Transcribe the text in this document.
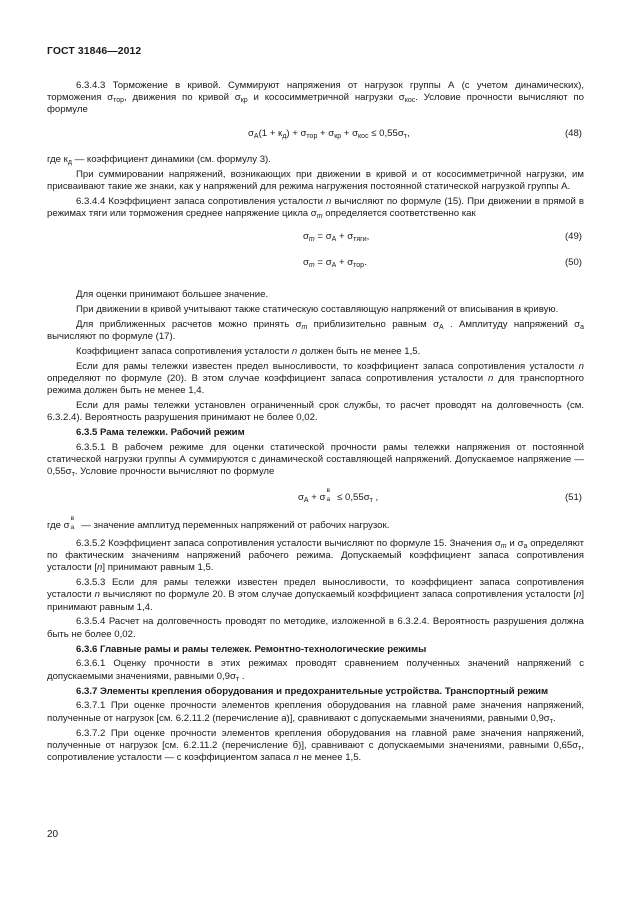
ГОСТ 31846—2012

6.3.4.3 Торможение в кривой. Суммируют напряжения от нагрузок группы А (с учетом динамических), торможения $\sigma_{тор}$, движения по кривой $\sigma_{кр}$ и кососимметричной нагрузки $\sigma_{кос}$. Условие прочности вычисляют по формуле

$\sigma_А(1 + к_д) + \sigma_{тор} + \sigma_{кр} + \sigma_{кос} \le 0,55\sigma_т$,	(48)

где $к_д$ — коэффициент динамики (см. формулу 3).

При суммировании напряжений, возникающих при движении в кривой и от кососимметричной нагрузки, им присваивают такие же знаки, как у напряжений для режима нагружения постоянной статической нагрузкой группы А.

6.3.4.4 Коэффициент запаса сопротивления усталости n вычисляют по формуле (15). При движении в прямой в режимах тяги или торможения среднее напряжение цикла $\sigma_m$ определяется соответственно как

$\sigma_m = \sigma_А + \sigma_{тяги}$,	(49)
$\sigma_m = \sigma_А + \sigma_{тор}$.	(50)

Для оценки принимают большее значение.

При движении в кривой учитывают также статическую составляющую напряжений от вписывания в кривую.

Для приближенных расчетов можно принять $\sigma_m$ приблизительно равным $\sigma_А$ . Амплитуду напряжений $\sigma_а$ вычисляют по формуле (17).

Коэффициент запаса сопротивления усталости n должен быть не менее 1,5.

Если для рамы тележки известен предел выносливости, то коэффициент запаса сопротивления усталости n определяют по формуле (20). В этом случае коэффициент запаса сопротивления усталости n для транспортного режима должен быть не менее 1,4.

Если для рамы тележки установлен ограниченный срок службы, то расчет проводят на долговечность (см. 6.3.2.4). Вероятность разрушения принимают не более 0,02.

6.3.5 Рама тележки. Рабочий режим

6.3.5.1 В рабочем режиме для оценки статической прочности рамы тележки напряжения от постоянной статической нагрузки группы А суммируются с динамической составляющей напряжений. Допускаемое напряжение — $0,55\sigma_т$. Условие прочности вычисляют по формуле

$\sigma_А + \sigma$
в
$а \le 0,55\sigma_т$ ,	(51)

где σ
в
а — значение амплитуд переменных напряжений от рабочих нагрузок.

6.3.5.2 Коэффициент запаса сопротивления усталости вычисляют по формуле 15. Значения $\sigma_m$ и $\sigma_а$ определяют по фактическим значениям напряжений рабочего режима. Допускаемый коэффициент запаса сопротивления усталости [n] принимают равным 1,5.

6.3.5.3 Если для рамы тележки известен предел выносливости, то коэффициент запаса сопротивления усталости n вычисляют по формуле 20. В этом случае допускаемый коэффициент запаса сопротивления усталости [n] принимают равным 1,4.

6.3.5.4 Расчет на долговечность проводят по методике, изложенной в 6.3.2.4. Вероятность разрушения должна быть не более 0,02.

6.3.6 Главные рамы и рамы тележек. Ремонтно-технологические режимы

6.3.6.1 Оценку прочности в этих режимах проводят сравнением полученных значений напряжений с допускаемыми значениями, равными $0,9\sigma_т$ .

6.3.7 Элементы крепления оборудования и предохранительные устройства. Транспортный режим

6.3.7.1 При оценке прочности элементов крепления оборудования на главной раме значения напряжений, полученные от нагрузок [см. 6.2.11.2 (перечисление а)], сравнивают с допускаемыми значениями, равными $0,9\sigma_т$.

6.3.7.2 При оценке прочности элементов крепления оборудования на главной раме значения напряжений, полученные от нагрузок [см. 6.2.11.2 (перечисление б)], сравнивают с допускаемыми значениями, равными $0,65\sigma_т$, сопротивление усталости — с коэффициентом запаса n не менее 1,5.

20
